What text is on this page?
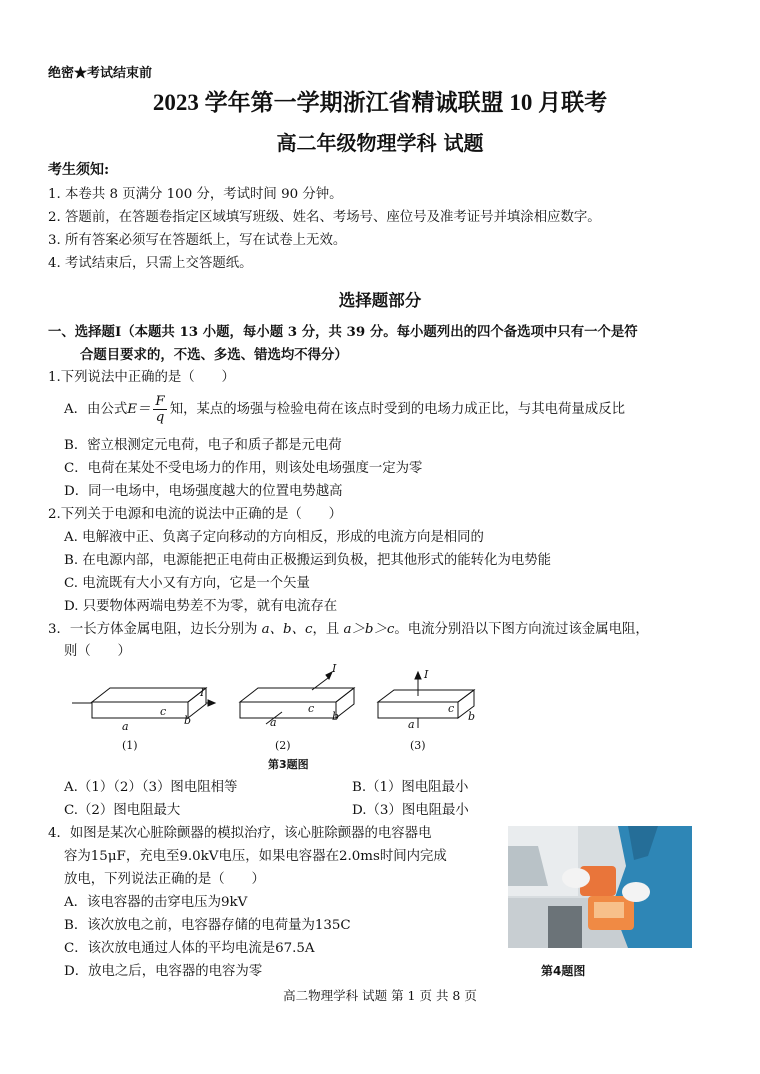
绝密★考试结束前
2023 学年第一学期浙江省精诚联盟 10 月联考
高二年级物理学科 试题
考生须知:
1. 本卷共 8 页满分 100 分，考试时间 90 分钟。
2. 答题前，在答题卷指定区域填写班级、姓名、考场号、座位号及准考证号并填涂相应数字。
3. 所有答案必须写在答题纸上，写在试卷上无效。
4. 考试结束后，只需上交答题纸。
选择题部分
一、选择题Ⅰ（本题共 13 小题，每小题 3 分，共 39 分。每小题列出的四个备选项中只有一个是符
合题目要求的，不选、多选、错选均不得分）
1.下列说法中正确的是（　　）
A．由公式$E= \frac{F}{q}$ 知，某点的场强与检验电荷在该点时受到的电场力成正比，与其电荷量成反比
B．密立根测定元电荷，电子和质子都是元电荷
C．电荷在某处不受电场力的作用，则该处电场强度一定为零
D．同一电场中，电场强度越大的位置电势越高
2.下列关于电源和电流的说法中正确的是（　　）
A. 电解液中正、负离子定向移动的方向相反，形成的电流方向是相同的
B. 在电源内部，电源能把正电荷由正极搬运到负极，把其他形式的能转化为电势能
C. 电流既有大小又有方向，它是一个矢量
D. 只要物体两端电势差不为零，就有电流存在
3．一长方体金属电阻，边长分别为 a、b、c，且 a＞b＞c。电流分别沿以下图方向流过该金属电阻，
则（　　）
I
c
b
a
I
c
b
a
I
c
b
a
(1)	(2)	(3)
第3题图
A.（1）（2）（3）图电阻相等	B.（1）图电阻最小
C.（2）图电阻最大	D.（3）图电阻最小
4．如图是某次心脏除颤器的模拟治疗，该心脏除颤器的电容器电
容为15μF，充电至9.0kV电压，如果电容器在2.0ms时间内完成
放电，下列说法正确的是（　　）
A．该电容器的击穿电压为9kV
B．该次放电之前，电容器存储的电荷量为135C
C．该次放电通过人体的平均电流是67.5A
D．放电之后，电容器的电容为零	第4题图
高二物理学科 试题 第 1 页 共 8 页
